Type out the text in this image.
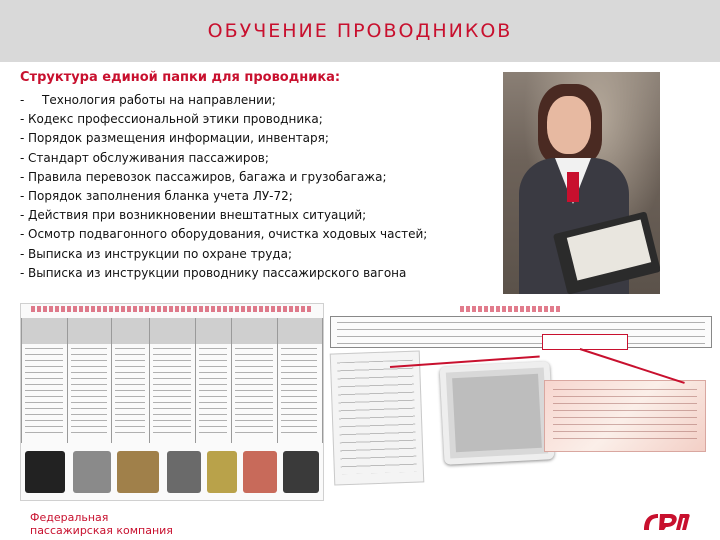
ОБУЧЕНИЕ ПРОВОДНИКОВ
Структура единой папки для проводника:
- Технология работы на направлении;
- Кодекс профессиональной этики проводника;
- Порядок размещения информации, инвентаря;
- Стандарт обслуживания пассажиров;
- Правила перевозок пассажиров, багажа и грузобагажа;
- Порядок заполнения бланка учета ЛУ-72;
- Действия при возникновении внештатных ситуаций;
- Осмотр подвагонного оборудования, очистка ходовых частей;
- Выписка из инструкции по охране труда;
- Выписка из инструкции проводнику пассажирского вагона
Федеральная
пассажирская компания
